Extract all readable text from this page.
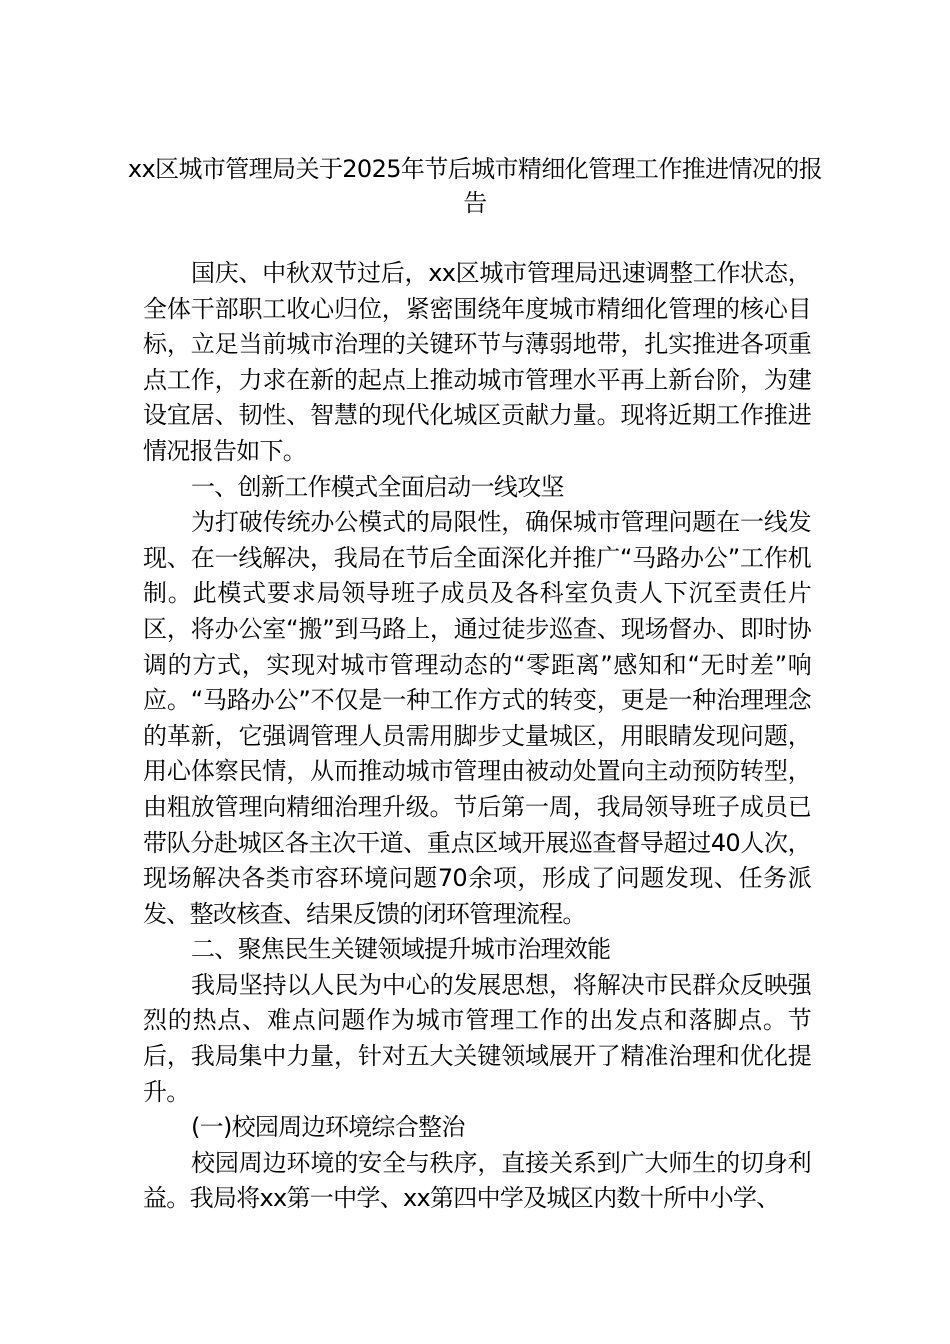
xx区城市管理局关于2025年节后城市精细化管理工作推进情况的报告

国庆、中秋双节过后，xx区城市管理局迅速调整工作状态，全体干部职工收心归位，紧密围绕年度城市精细化管理的核心目标，立足当前城市治理的关键环节与薄弱地带，扎实推进各项重点工作，力求在新的起点上推动城市管理水平再上新台阶，为建设宜居、韧性、智慧的现代化城区贡献力量。现将近期工作推进情况报告如下。

一、创新工作模式全面启动一线攻坚

为打破传统办公模式的局限性，确保城市管理问题在一线发现、在一线解决，我局在节后全面深化并推广“马路办公”工作机制。此模式要求局领导班子成员及各科室负责人下沉至责任片区，将办公室“搬”到马路上，通过徒步巡查、现场督办、即时协调的方式，实现对城市管理动态的“零距离”感知和“无时差”响应。“马路办公”不仅是一种工作方式的转变，更是一种治理理念的革新，它强调管理人员需用脚步丈量城区，用眼睛发现问题，用心体察民情，从而推动城市管理由被动处置向主动预防转型，由粗放管理向精细治理升级。节后第一周，我局领导班子成员已带队分赴城区各主次干道、重点区域开展巡查督导超过40人次，现场解决各类市容环境问题70余项，形成了问题发现、任务派发、整改核查、结果反馈的闭环管理流程。

二、聚焦民生关键领域提升城市治理效能

我局坚持以人民为中心的发展思想，将解决市民群众反映强烈的热点、难点问题作为城市管理工作的出发点和落脚点。节后，我局集中力量，针对五大关键领域展开了精准治理和优化提升。

(一)校园周边环境综合整治

校园周边环境的安全与秩序，直接关系到广大师生的切身利益。我局将xx第一中学、xx第四中学及城区内数十所中小学、
